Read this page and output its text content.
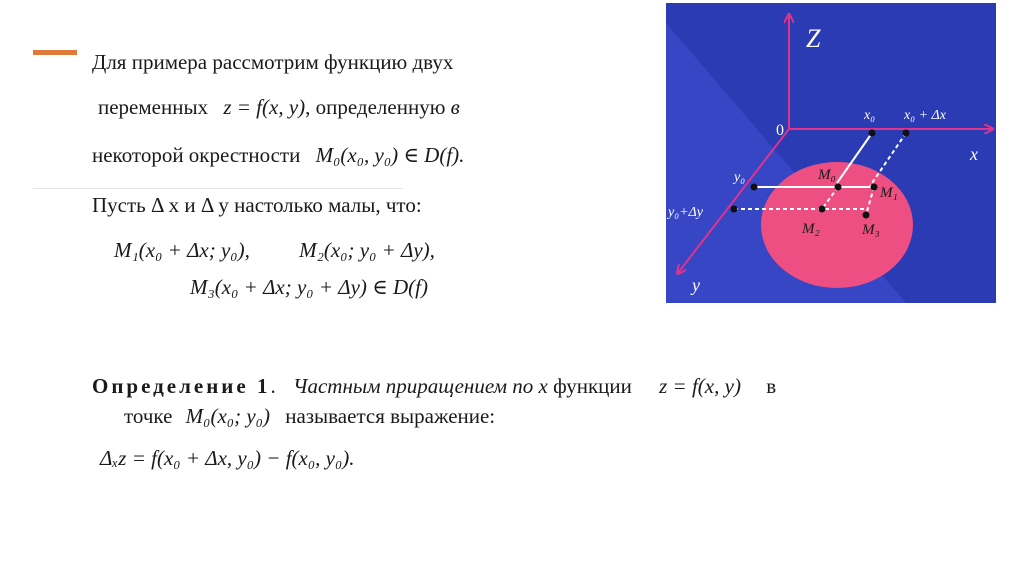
Для примера рассмотрим функцию двух
переменных z = f(x, y), определенную в
некоторой окрестности M₀(x₀, y₀) ∈ D(f).
Пусть Δ x и Δ y настолько малы, что:
M₁(x₀ + Δx; y₀), M₂(x₀; y₀ + Δy),
M₃(x₀ + Δx; y₀ + Δy) ∈ D(f)
Определение 1. Частным приращением по x функции z = f(x, y) в
точке M₀(x₀; y₀) называется выражение:
Δₓz = f(x₀ + Δx, y₀) − f(x₀, y₀).
Z
0
x
y
x₀ x₀ + Δx
y₀
y₀+Δy
M₀
M₁
M₂	M₃
